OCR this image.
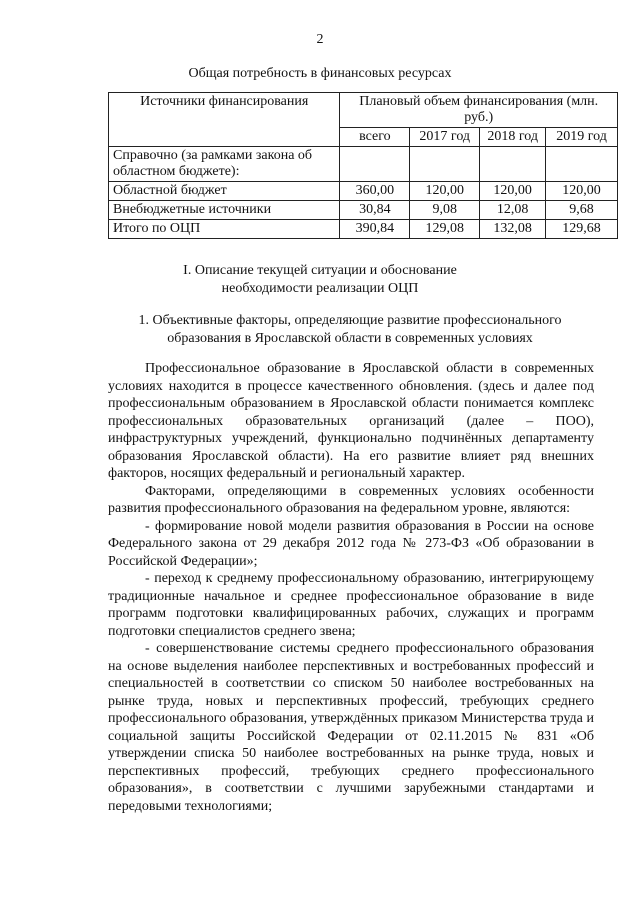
2
Общая потребность в финансовых ресурсах
Источники финансирования	Плановый объем финансирования (млн. руб.)			
	всего	2017 год	2018 год	2019 год
Справочно (за рамками закона об областном бюджете):				
Областной бюджет	360,00	120,00	120,00	120,00
Внебюджетные источники	30,84	9,08	12,08	9,68
Итого по ОЦП	390,84	129,08	132,08	129,68
I. Описание текущей ситуации и обоснование
необходимости реализации ОЦП
1. Объективные факторы, определяющие развитие профессионального
образования в Ярославской области в современных условиях

Профессиональное образование в Ярославской области в современных условиях находится в процессе качественного обновления. (здесь и далее под профессиональным образованием в Ярославской области понимается комплекс профессиональных образовательных организаций (далее – ПОО), инфраструктурных учреждений, функционально подчинённых департаменту образования Ярославской области). На его развитие влияет ряд внешних факторов, носящих федеральный и региональный характер.

Факторами, определяющими в современных условиях особенности развития профессионального образования на федеральном уровне, являются:

- формирование новой модели развития образования в России на основе Федерального закона от 29 декабря 2012 года № 273-ФЗ «Об образовании в Российской Федерации»;

- переход к среднему профессиональному образованию, интегрирующему традиционные начальное и среднее профессиональное образование в виде программ подготовки квалифицированных рабочих, служащих и программ подготовки специалистов среднего звена;

- совершенствование системы среднего профессионального образования на основе выделения наиболее перспективных и востребованных профессий и специальностей в соответствии со списком 50 наиболее востребованных на рынке труда, новых и перспективных профессий, требующих среднего профессионального образования, утверждённых приказом Министерства труда и социальной защиты Российской Федерации от 02.11.2015 № 831 «Об утверждении списка 50 наиболее востребованных на рынке труда, новых и перспективных профессий, требующих среднего профессионального образования», в соответствии с лучшими зарубежными стандартами и передовыми технологиями;
